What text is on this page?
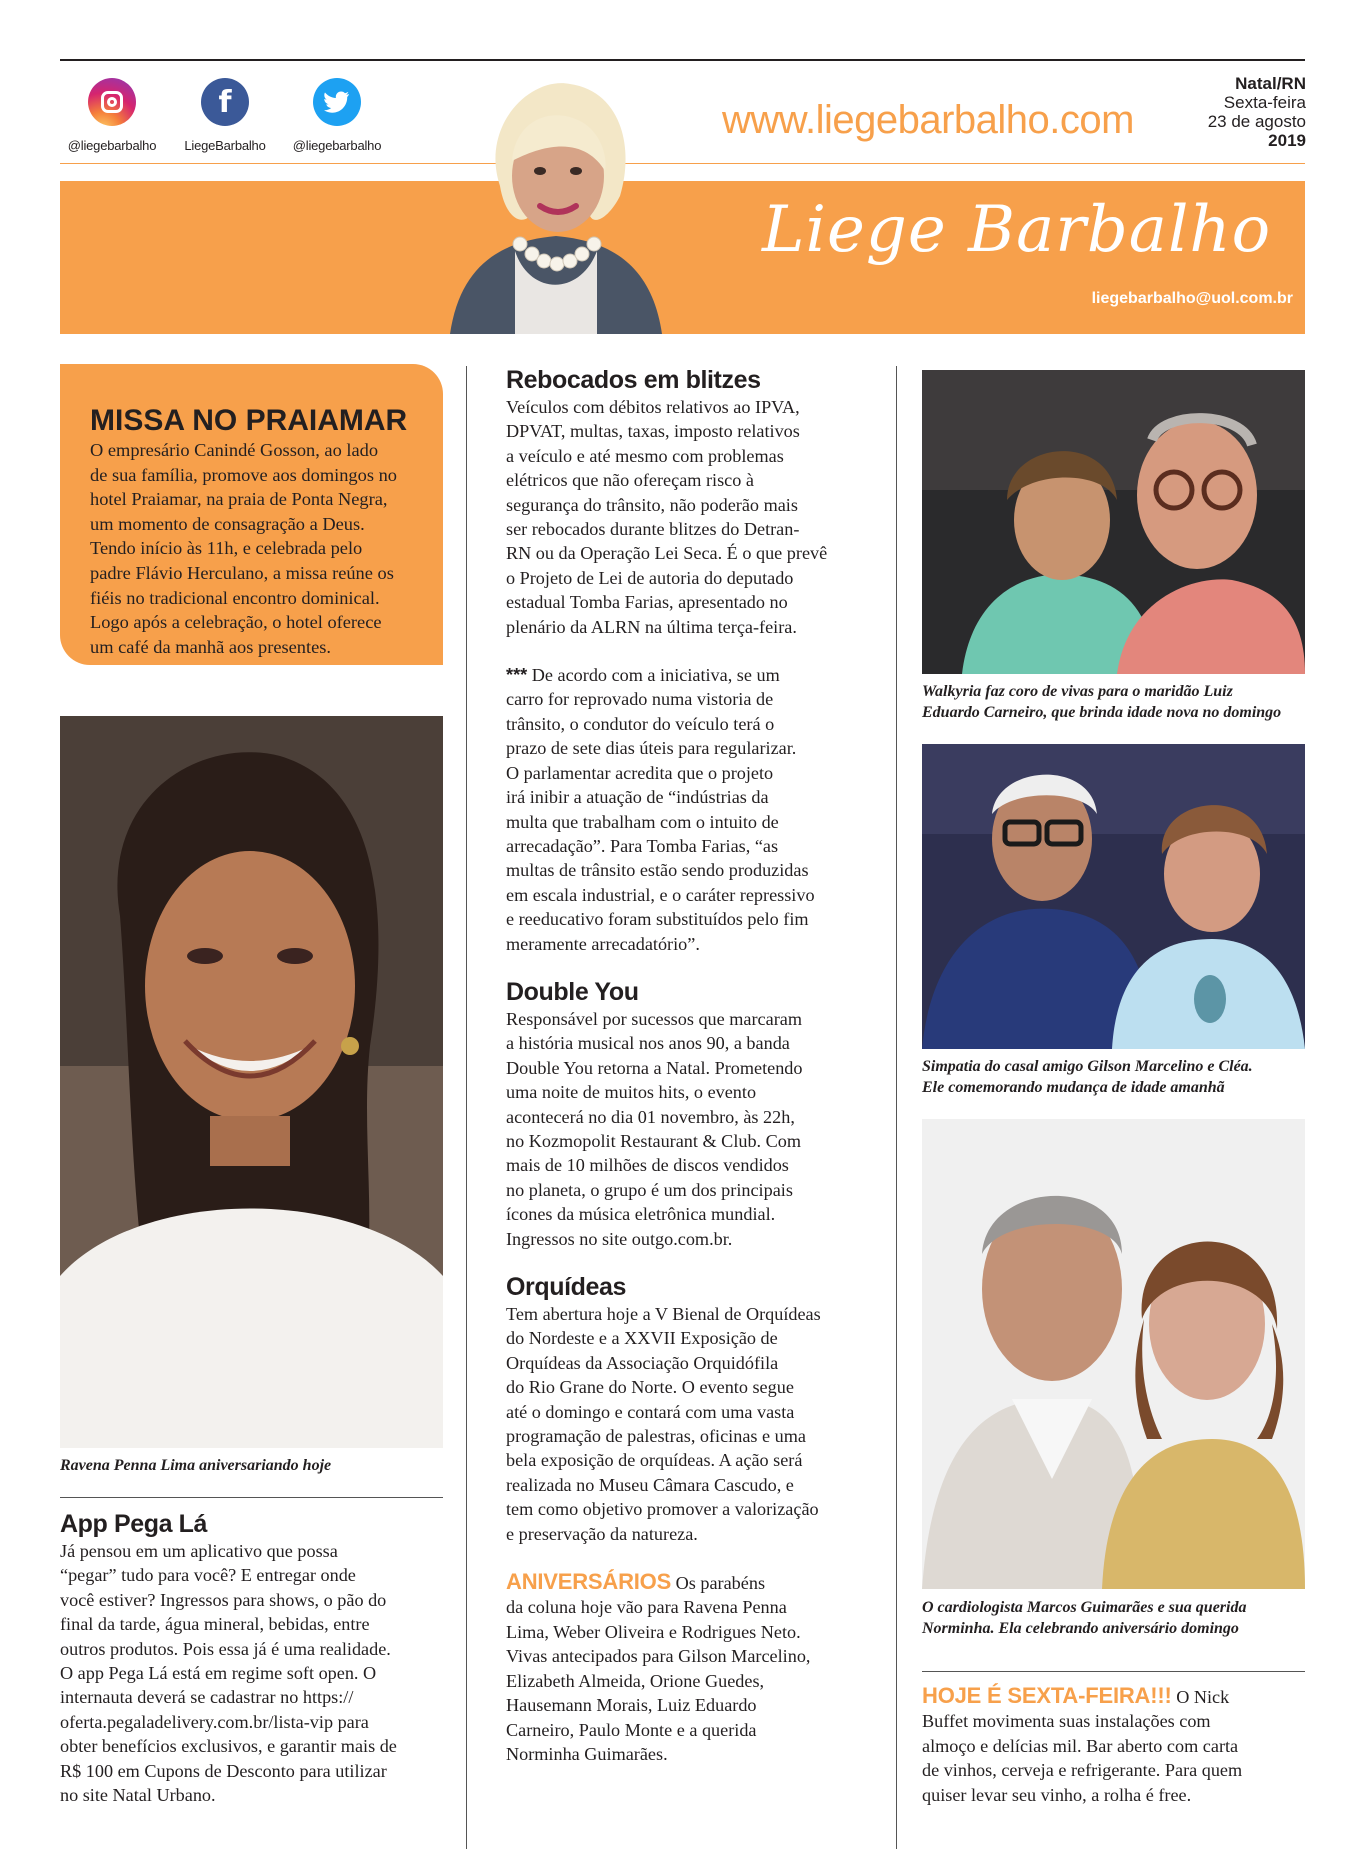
@liegebarbalho
f
LiegeBarbalho	@liegebarbalho
www.liegebarbalho.com
Natal/RN
Sexta-feira
23 de agosto
2019
Liege Barbalho
liegebarbalho@uol.com.br
MISSA NO PRAIAMAR
O empresário Canindé Gosson, ao lado
de sua família, promove aos domingos no
hotel Praiamar, na praia de Ponta Negra,
um momento de consagração a Deus.
Tendo início às 11h, e celebrada pelo
padre Flávio Herculano, a missa reúne os
fiéis no tradicional encontro dominical.
Logo após a celebração, o hotel oferece
um café da manhã aos presentes.
Ravena Penna Lima aniversariando hoje
App Pega Lá
Já pensou em um aplicativo que possa
“pegar” tudo para você? E entregar onde
você estiver? Ingressos para shows, o pão do
final da tarde, água mineral, bebidas, entre
outros produtos. Pois essa já é uma realidade.
O app Pega Lá está em regime soft open. O
internauta deverá se cadastrar no https://
oferta.pegaladelivery.com.br/lista-vip para
obter benefícios exclusivos, e garantir mais de
R$ 100 em Cupons de Desconto para utilizar
no site Natal Urbano.
Rebocados em blitzes
Veículos com débitos relativos ao IPVA,
DPVAT, multas, taxas, imposto relativos
a veículo e até mesmo com problemas
elétricos que não ofereçam risco à
segurança do trânsito, não poderão mais
ser rebocados durante blitzes do Detran-
RN ou da Operação Lei Seca. É o que prevê
o Projeto de Lei de autoria do deputado
estadual Tomba Farias, apresentado no
plenário da ALRN na última terça-feira.
*** De acordo com a iniciativa, se um
carro for reprovado numa vistoria de
trânsito, o condutor do veículo terá o
prazo de sete dias úteis para regularizar.
O parlamentar acredita que o projeto
irá inibir a atuação de “indústrias da
multa que trabalham com o intuito de
arrecadação”. Para Tomba Farias, “as
multas de trânsito estão sendo produzidas
em escala industrial, e o caráter repressivo
e reeducativo foram substituídos pelo fim
meramente arrecadatório”.
Double You
Responsável por sucessos que marcaram
a história musical nos anos 90, a banda
Double You retorna a Natal. Prometendo
uma noite de muitos hits, o evento
acontecerá no dia 01 novembro, às 22h,
no Kozmopolit Restaurant & Club. Com
mais de 10 milhões de discos vendidos
no planeta, o grupo é um dos principais
ícones da música eletrônica mundial.
Ingressos no site outgo.com.br.
Orquídeas
Tem abertura hoje a V Bienal de Orquídeas
do Nordeste e a XXVII Exposição de
Orquídeas da Associação Orquidófila
do Rio Grane do Norte. O evento segue
até o domingo e contará com uma vasta
programação de palestras, oficinas e uma
bela exposição de orquídeas. A ação será
realizada no Museu Câmara Cascudo, e
tem como objetivo promover a valorização
e preservação da natureza.
ANIVERSÁRIOS Os parabéns
da coluna hoje vão para Ravena Penna
Lima, Weber Oliveira e Rodrigues Neto.
Vivas antecipados para Gilson Marcelino,
Elizabeth Almeida, Orione Guedes,
Hausemann Morais, Luiz Eduardo
Carneiro, Paulo Monte e a querida
Norminha Guimarães.
Walkyria faz coro de vivas para o maridão Luiz
Eduardo Carneiro, que brinda idade nova no domingo
Simpatia do casal amigo Gilson Marcelino e Cléa.
Ele comemorando mudança de idade amanhã
O cardiologista Marcos Guimarães e sua querida
Norminha. Ela celebrando aniversário domingo
HOJE É SEXTA-FEIRA!!! O Nick
Buffet movimenta suas instalações com
almoço e delícias mil. Bar aberto com carta
de vinhos, cerveja e refrigerante. Para quem
quiser levar seu vinho, a rolha é free.
